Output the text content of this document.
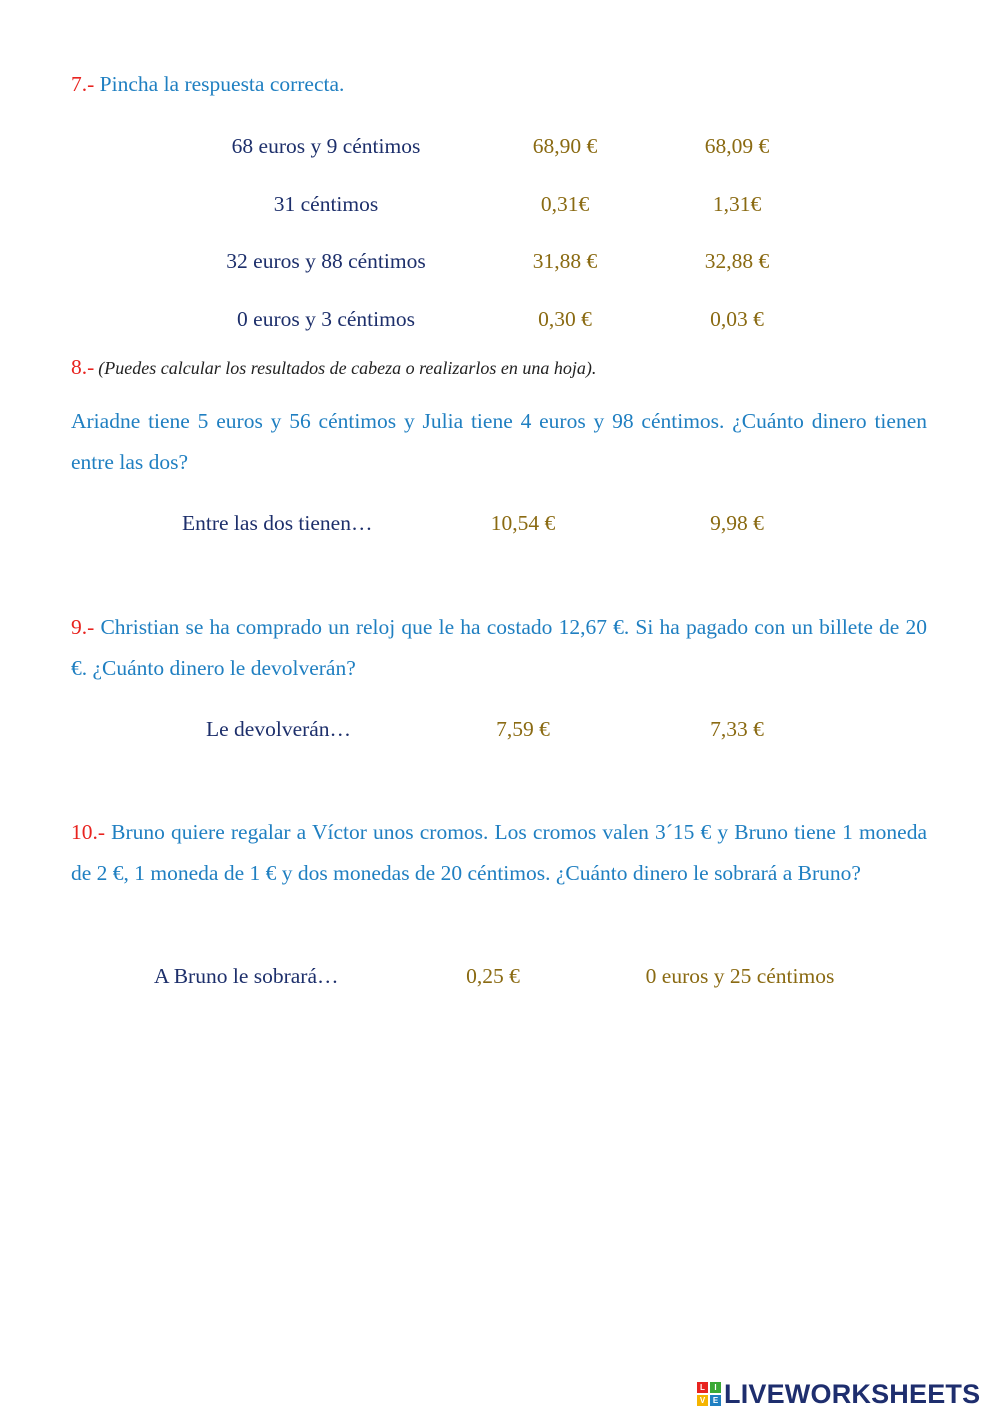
7.- Pincha la respuesta correcta.
68 euros y 9 céntimos	68,90 €	68,09 €
31 céntimos	0,31€	1,31€
32 euros y 88 céntimos	31,88 €	32,88 €
0 euros y 3 céntimos	0,30 €	0,03 €
8.- (Puedes calcular los resultados de cabeza o realizarlos en una hoja).
Ariadne tiene 5 euros y 56 céntimos y Julia tiene 4 euros y 98 céntimos. ¿Cuánto dinero tienen entre las dos?
Entre las dos tienen…	10,54 €	9,98 €
9.- Christian se ha comprado un reloj que le ha costado 12,67 €. Si ha pagado con un billete de 20 €. ¿Cuánto dinero le devolverán?
Le devolverán…	7,59 €	7,33 €
10.- Bruno quiere regalar a Víctor unos cromos. Los cromos valen 3´15 € y Bruno tiene 1 moneda de 2 €, 1 moneda de 1 € y dos monedas de 20 céntimos. ¿Cuánto dinero le sobrará a Bruno?
A Bruno le sobrará…	0,25 €	0 euros y 25 céntimos
L	I
V E LIVEWORKSHEETS
